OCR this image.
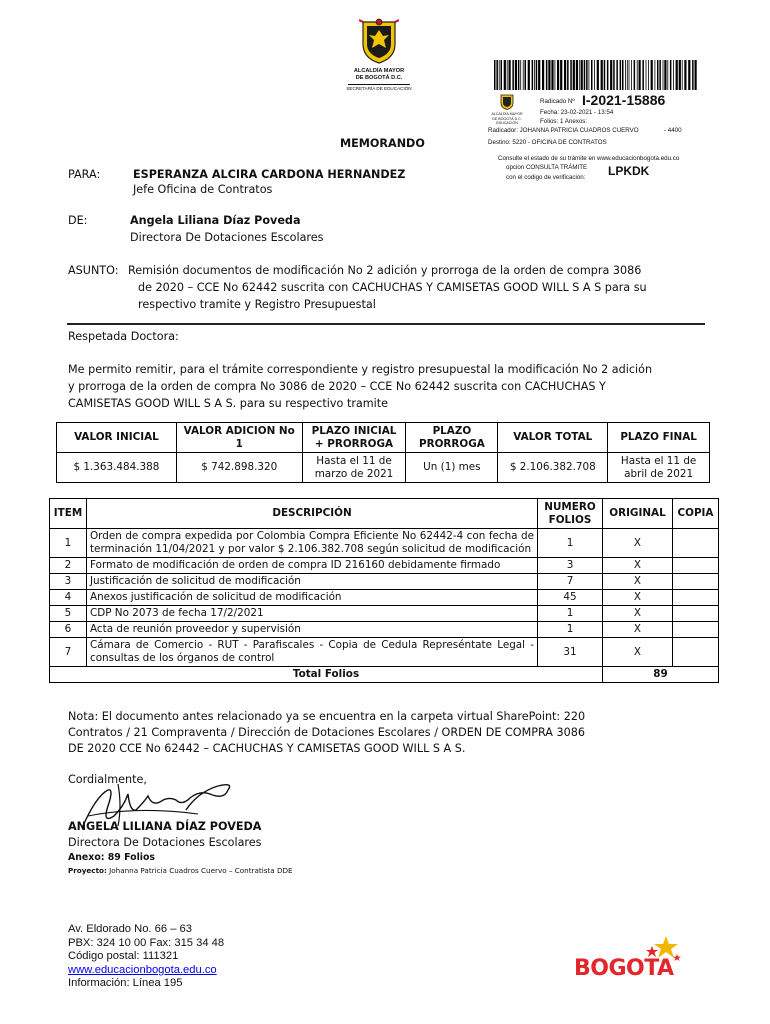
ALCALDÍA MAYOR
DE BOGOTÁ D.C.
SECRETARÍA DE EDUCACIÓN
ALCALDÍA MAYOR
DE BOGOTÁ D.C.
EDUCACIÓN
Radicado Nº I-2021-15886
Fecha: 23-02-2021 - 13:54
Folios: 1 Anexos:
Radicador: JOHANNA PATRICIA CUADROS CUERVO	- 4400
Destino: 5220 - OFICINA DE CONTRATOS
Consulte el estado de su trámite en www.educacionbogota.edu.co
opcion CONSULTA TRÁMITE
con el codigo de verificacion: LPKDK
MEMORANDO
PARA:	ESPERANZA ALCIRA CARDONA HERNANDEZ
Jefe Oficina de Contratos
DE:	Angela Liliana Díaz Poveda
Directora De Dotaciones Escolares
ASUNTO: Remisión documentos de modificación No 2 adición y prorroga de la orden de compra 3086
de 2020 – CCE No 62442 suscrita con CACHUCHAS Y CAMISETAS GOOD WILL S A S para su
respectivo tramite y Registro Presupuestal
Respetada Doctora:
Me permito remitir, para el trámite correspondiente y registro presupuestal la modificación No 2 adición
y prorroga de la orden de compra No 3086 de 2020 – CCE No 62442 suscrita con CACHUCHAS Y
CAMISETAS GOOD WILL S A S. para su respectivo tramite
VALOR INICIAL	VALOR ADICION No 1	PLAZO INICIAL + PRORROGA	PLAZO PRORROGA	VALOR TOTAL	PLAZO FINAL
$ 1.363.484.388	$ 742.898.320	Hasta el 11 de marzo de 2021	Un (1) mes	$ 2.106.382.708	Hasta el 11 de abril de 2021
ITEM	DESCRIPCIÓN	NUMERO FOLIOS	ORIGINAL	COPIA
1	Orden de compra expedida por Colombia Compra Eficiente No 62442-4 con fecha de terminación 11/04/2021 y por valor $ 2.106.382.708 según solicitud de modificación	1	X	
2	Formato de modificación de orden de compra ID 216160 debidamente firmado	3	X	
3	Justificación de solicitud de modificación	7	X	
4	Anexos justificación de solicitud de modificación	45	X	
5	CDP No 2073 de fecha 17/2/2021	1	X	
6	Acta de reunión proveedor y supervisión	1	X	
7	Cámara de Comercio - RUT - Parafiscales - Copia de Cedula Represéntate Legal - consultas de los órganos de control	31	X	
Total Folios			89	
Nota: El documento antes relacionado ya se encuentra en la carpeta virtual SharePoint: 220
Contratos / 21 Compraventa / Dirección de Dotaciones Escolares / ORDEN DE COMPRA 3086
DE 2020 CCE No 62442 – CACHUCHAS Y CAMISETAS GOOD WILL S A S.
Cordialmente,
ANGELA LILIANA DÍAZ POVEDA
Directora De Dotaciones Escolares
Anexo: 89 Folios
Proyecto: Johanna Patricia Cuadros Cuervo – Contratista DDE
Av. Eldorado No. 66 – 63
PBX: 324 10 00 Fax: 315 34 48
Código postal: 111321
www.educacionbogota.edu.co
Información: Línea 195
BOGOTA
